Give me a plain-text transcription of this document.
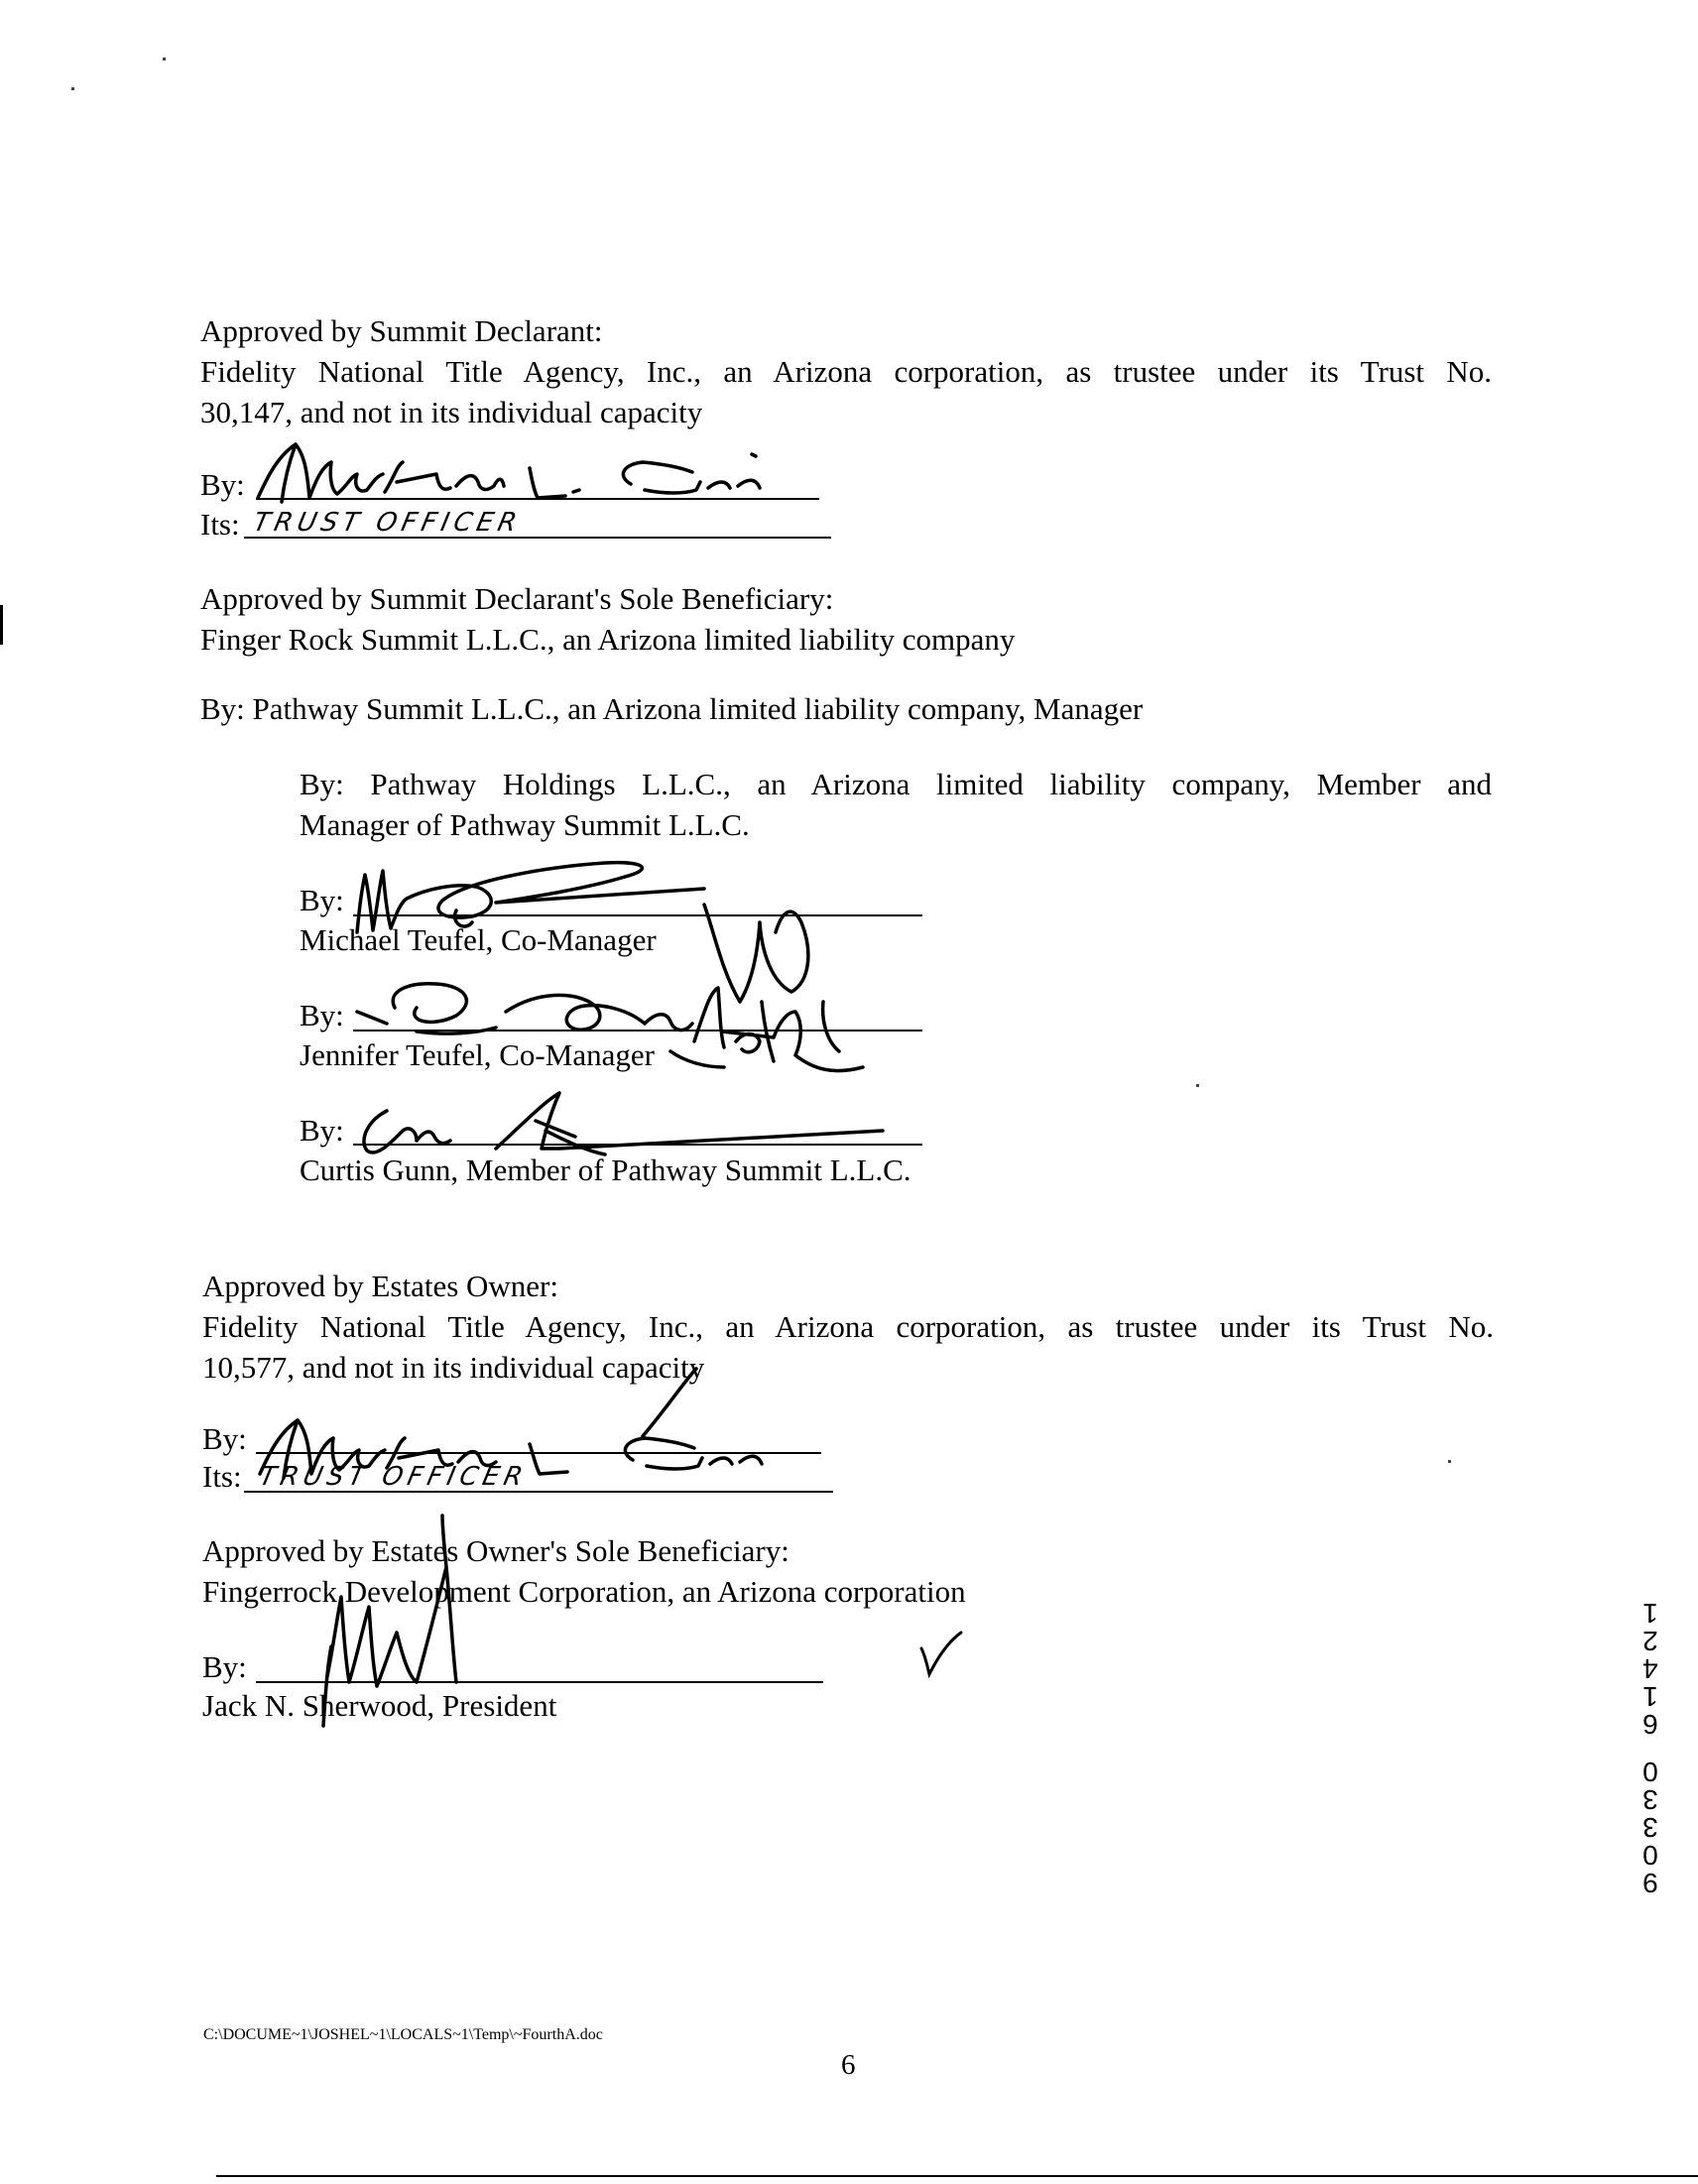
Approved by Summit Declarant:
Fidelity National Title Agency, Inc., an Arizona corporation, as trustee under its Trust No.
30,147, and not in its individual capacity
By:
Its: TRUST OFFICER
Approved by Summit Declarant's Sole Beneficiary:
Finger Rock Summit L.L.C., an Arizona limited liability company
By: Pathway Summit L.L.C., an Arizona limited liability company, Manager
By: Pathway Holdings L.L.C., an Arizona limited liability company, Member and
Manager of Pathway Summit L.L.C.
By:
Michael Teufel, Co-Manager
By:
Jennifer Teufel, Co-Manager
By:
Curtis Gunn, Member of Pathway Summit L.L.C.
Approved by Estates Owner:
Fidelity National Title Agency, Inc., an Arizona corporation, as trustee under its Trust No.
10,577, and not in its individual capacity
By:
Its: TRUST OFFICER
Approved by Estates Owner's Sole Beneficiary:
Fingerrock Development Corporation, an Arizona corporation
By:
Jack N. Sherwood, President
9
0
3
3
0
6
1
4
2
1
C:\DOCUME~1\JOSHEL~1\LOCALS~1\Temp\~FourthA.doc
6
